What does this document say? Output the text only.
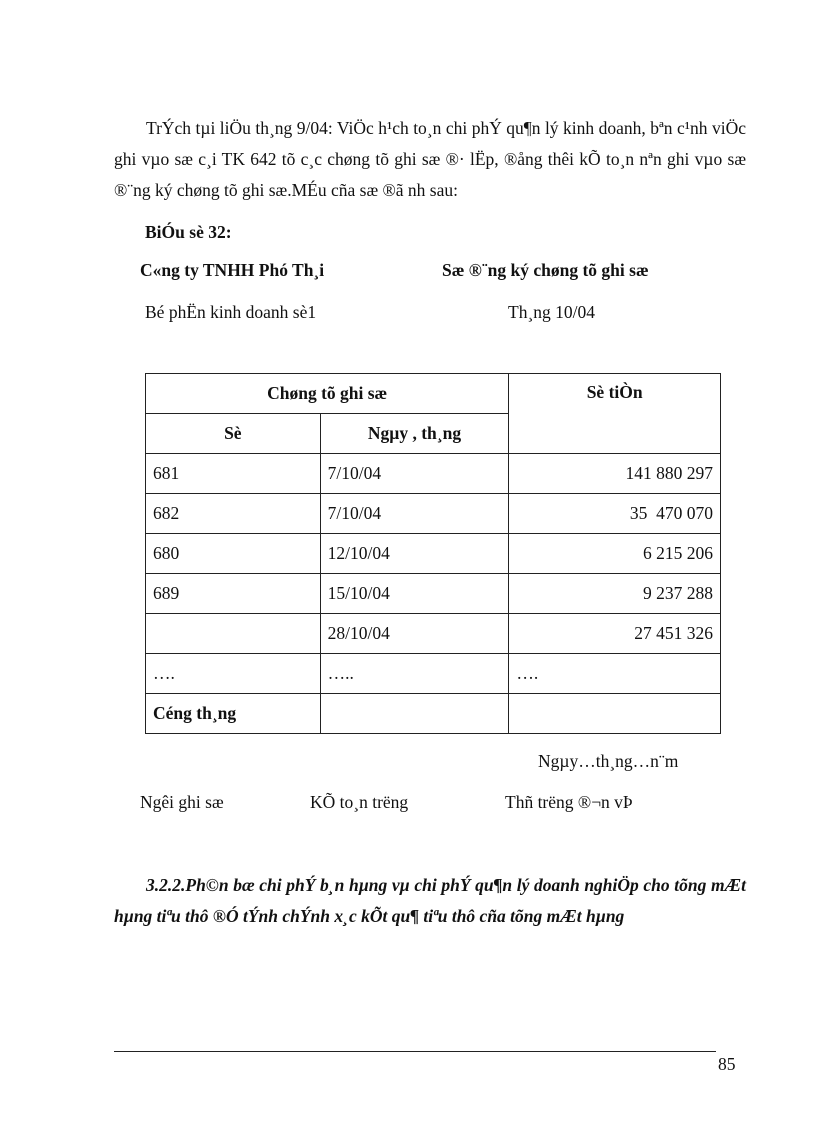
TrÝch tµi liÖu th¸ng 9/04: ViÖc h¹ch to¸n chi phÝ qu¶n lý kinh doanh, bªn c¹nh viÖc ghi vµo sæ c¸i TK 642 tõ c¸c chøng tõ ghi sæ ®· lËp, ®ång thêi kÕ to¸n nªn ghi vµo sæ ®¨ng ký chøng tõ ghi sæ.MÉu cña sæ ®ã nh sau:
BiÓu sè 32:
C«ng ty TNHH Phó Th¸i	Sæ ®¨ng ký chøng tõ ghi sæ
Bé phËn kinh doanh sè1	Th¸ng 10/04
Chøng tõ ghi sæ		Sè tiÒn
Sè	Ngµy , th¸ng	
681	7/10/04	141 880 297
682	7/10/04	35  470 070
680	12/10/04	6 215 206
689	15/10/04	9 237 288
	28/10/04	27 451 326
….	…..	….
Céng th¸ng		
Ngµy…th¸ng…n¨m
Ngêi ghi sæ	KÕ to¸n trëng	Thñ trëng ®¬n vÞ
3.2.2.Ph©n bæ chi phÝ b¸n hµng vµ chi phÝ qu¶n lý doanh nghiÖp cho tõng mÆt hµng tiªu thô ®Ó tÝnh chÝnh x¸c kÕt qu¶ tiªu thô cña tõng mÆt hµng
85
